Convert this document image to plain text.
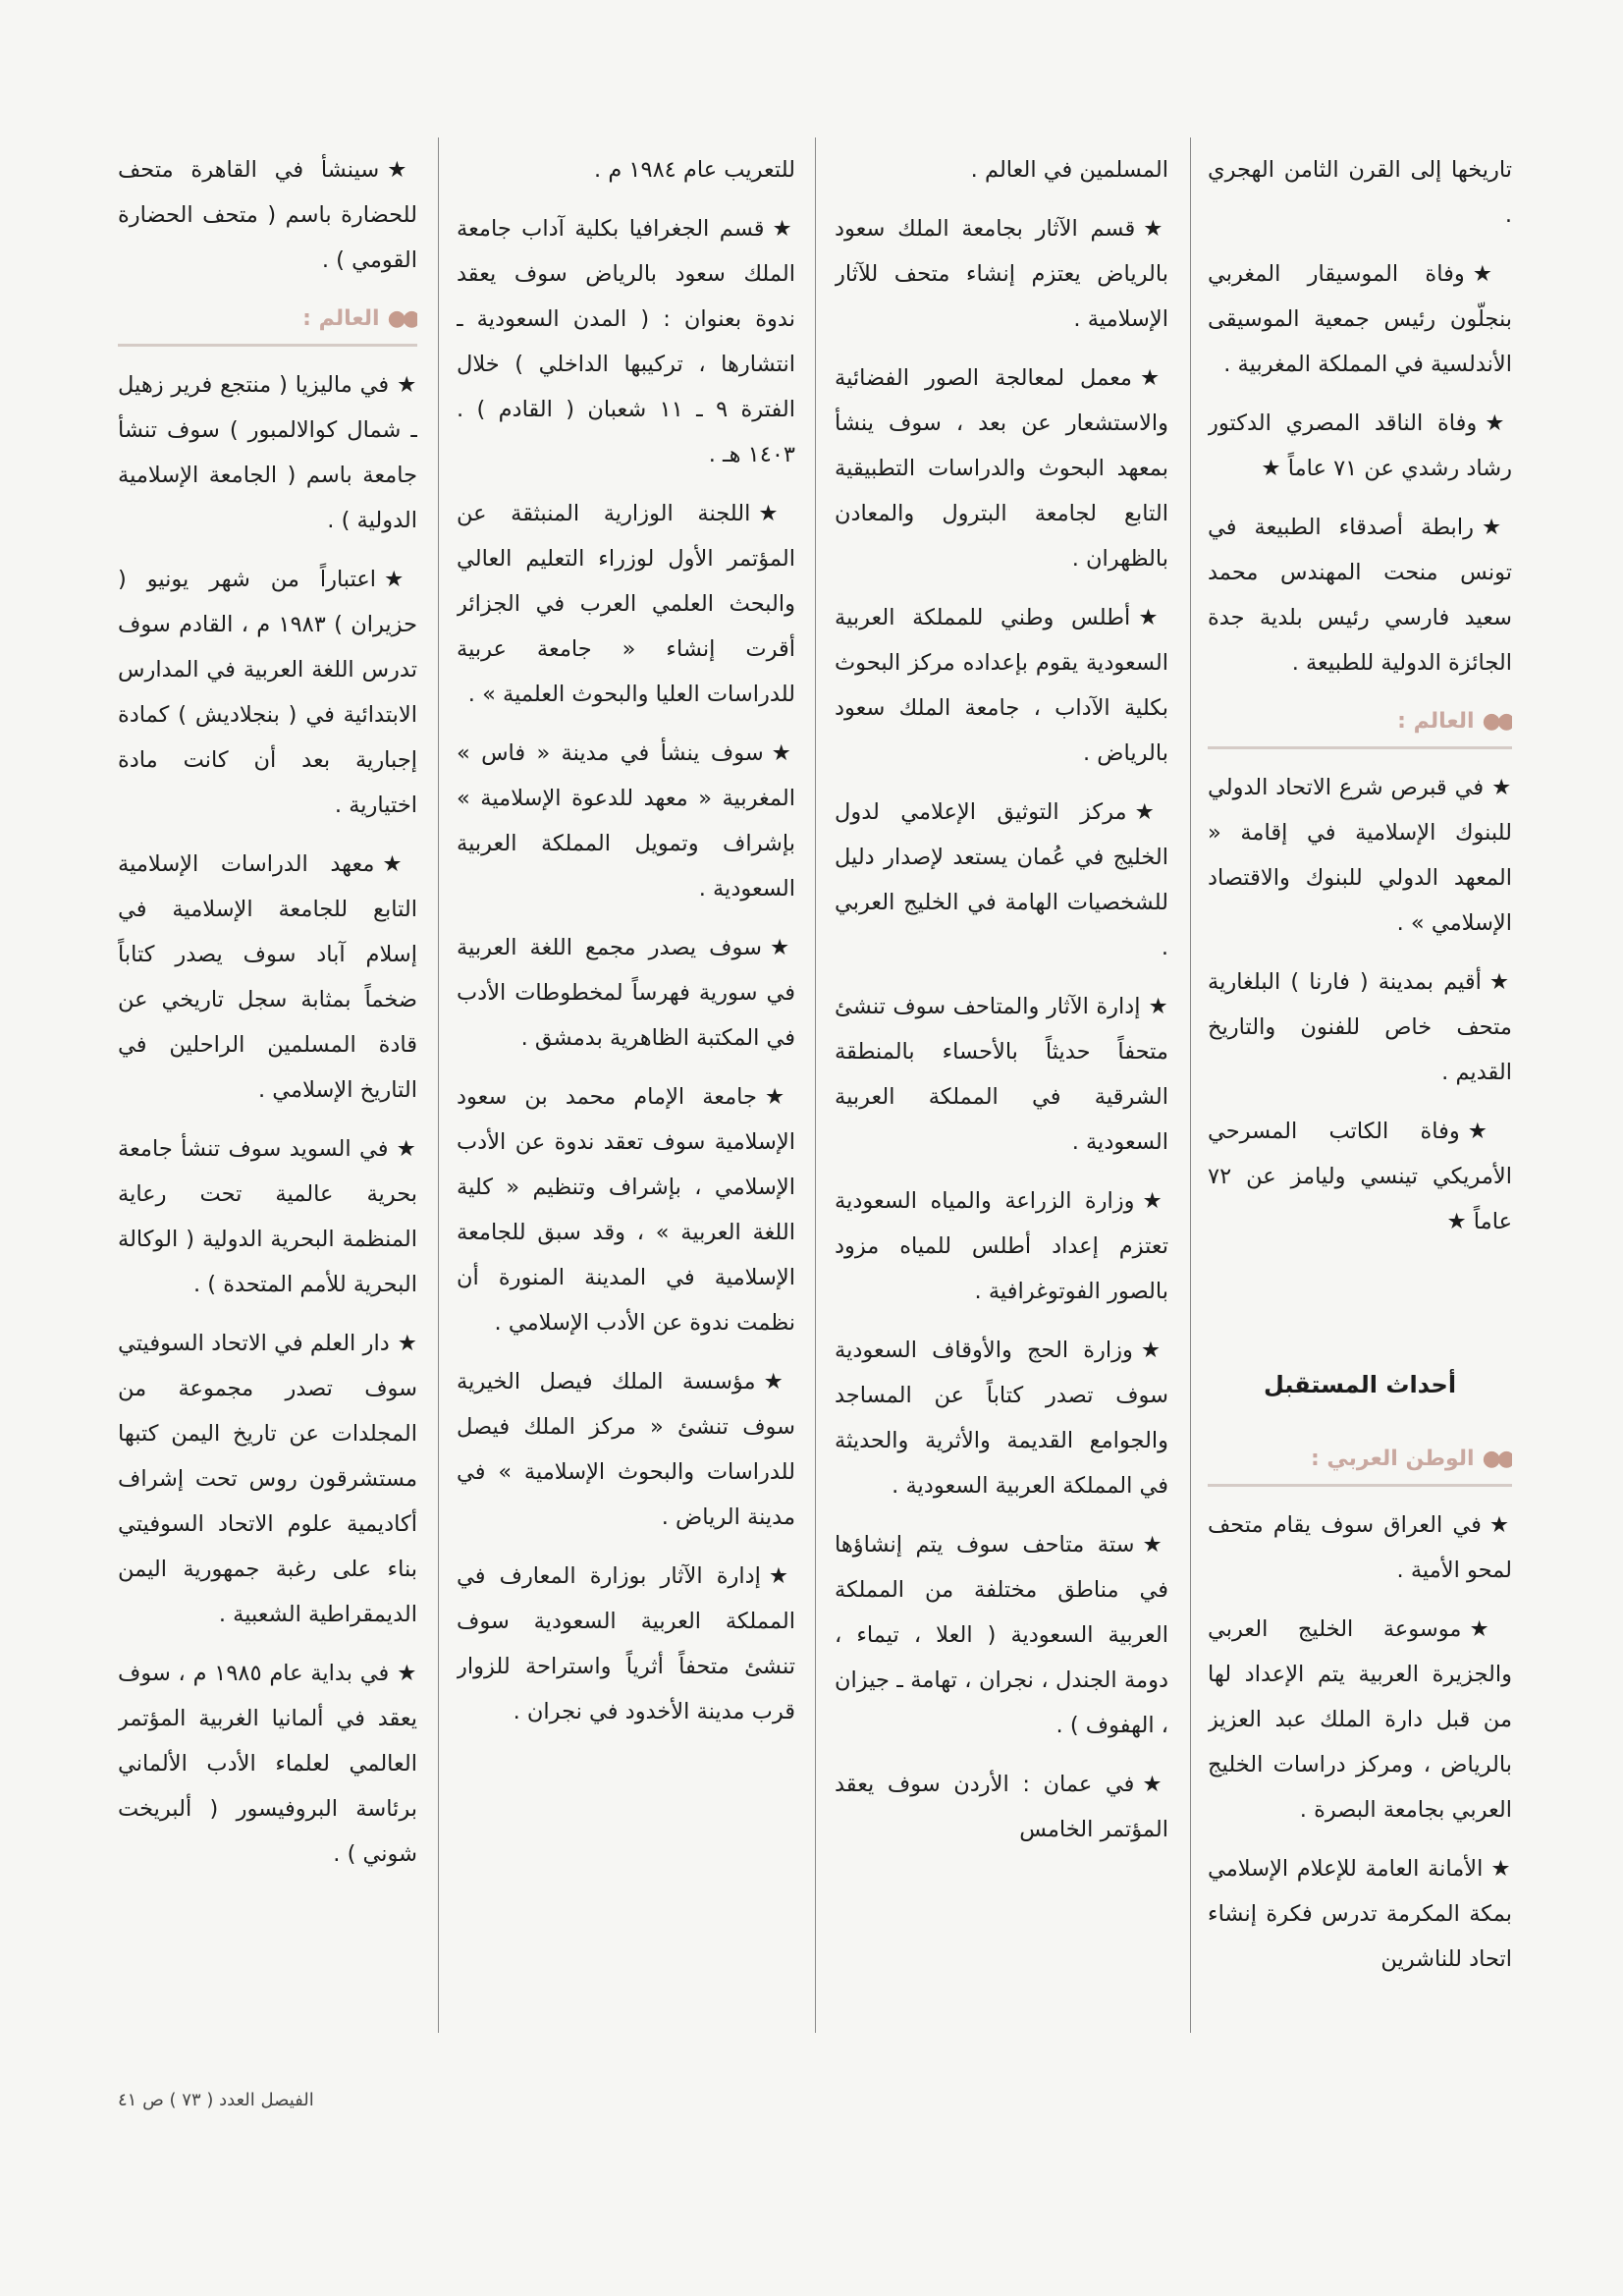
تاريخها إلى القرن الثامن الهجري .

★وفاة الموسيقار المغربي بنجلّون رئيس جمعية الموسيقى الأندلسية في المملكة المغربية .

★وفاة الناقد المصري الدكتور رشاد رشدي عن ٧١ عاماً ★

★رابطة أصدقاء الطبيعة في تونس منحت المهندس محمد سعيد فارسي رئيس بلدية جدة الجائزة الدولية للطبيعة .

●●
العالم :

★في قبرص شرع الاتحاد الدولي للبنوك الإسلامية في إقامة « المعهد الدولي للبنوك والاقتصاد الإسلامي » .

★أقيم بمدينة ( فارنا ) البلغارية متحف خاص للفنون والتاريخ القديم .

★وفاة الكاتب المسرحي الأمريكي تينسي وليامز عن ٧٢ عاماً ★

أحداث المستقبل
●●
الوطن العربي :

★في العراق سوف يقام متحف لمحو الأمية .

★موسوعة الخليج العربي والجزيرة العربية يتم الإعداد لها من قبل دارة الملك عبد العزيز بالرياض ، ومركز دراسات الخليج العربي بجامعة البصرة .

★الأمانة العامة للإعلام الإسلامي بمكة المكرمة تدرس فكرة إنشاء اتحاد للناشرين

المسلمين في العالم .

★قسم الآثار بجامعة الملك سعود بالرياض يعتزم إنشاء متحف للآثار الإسلامية .

★معمل لمعالجة الصور الفضائية والاستشعار عن بعد ، سوف ينشأ بمعهد البحوث والدراسات التطبيقية التابع لجامعة البترول والمعادن بالظهران .

★أطلس وطني للمملكة العربية السعودية يقوم بإعداده مركز البحوث بكلية الآداب ، جامعة الملك سعود بالرياض .

★مركز التوثيق الإعلامي لدول الخليج في عُمان يستعد لإصدار دليل للشخصيات الهامة في الخليج العربي .

★إدارة الآثار والمتاحف سوف تنشئ متحفاً حديثاً بالأحساء بالمنطقة الشرقية في المملكة العربية السعودية .

★وزارة الزراعة والمياه السعودية تعتزم إعداد أطلس للمياه مزود بالصور الفوتوغرافية .

★وزارة الحج والأوقاف السعودية سوف تصدر كتاباً عن المساجد والجوامع القديمة والأثرية والحديثة في المملكة العربية السعودية .

★ستة متاحف سوف يتم إنشاؤها في مناطق مختلفة من المملكة العربية السعودية ( العلا ، تيماء ، دومة الجندل ، نجران ، تهامة ـ جيزان ، الهفوف ) .

★في عمان : الأردن سوف يعقد المؤتمر الخامس

للتعريب عام ١٩٨٤ م .

★قسم الجغرافيا بكلية آداب جامعة الملك سعود بالرياض سوف يعقد ندوة بعنوان : ( المدن السعودية ـ انتشارها ، تركيبها الداخلي ) خلال الفترة ٩ ـ ١١ شعبان ( القادم ) . ١٤٠٣ هـ .

★اللجنة الوزارية المنبثقة عن المؤتمر الأول لوزراء التعليم العالي والبحث العلمي العرب في الجزائر أقرت إنشاء « جامعة عربية للدراسات العليا والبحوث العلمية » .

★سوف ينشأ في مدينة « فاس » المغربية « معهد للدعوة الإسلامية » بإشراف وتمويل المملكة العربية السعودية .

★سوف يصدر مجمع اللغة العربية في سورية فهرساً لمخطوطات الأدب في المكتبة الظاهرية بدمشق .

★جامعة الإمام محمد بن سعود الإسلامية سوف تعقد ندوة عن الأدب الإسلامي ، بإشراف وتنظيم « كلية اللغة العربية » ، وقد سبق للجامعة الإسلامية في المدينة المنورة أن نظمت ندوة عن الأدب الإسلامي .

★مؤسسة الملك فيصل الخيرية سوف تنشئ « مركز الملك فيصل للدراسات والبحوث الإسلامية » في مدينة الرياض .

★إدارة الآثار بوزارة المعارف في المملكة العربية السعودية سوف تنشئ متحفاً أثرياً واستراحة للزوار قرب مدينة الأخدود في نجران .

★سينشأ في القاهرة متحف للحضارة باسم ( متحف الحضارة القومي ) .

●●
العالم :

★في ماليزيا ( منتجع فرير زهيل ـ شمال كوالالمبور ) سوف تنشأ جامعة باسم ( الجامعة الإسلامية الدولية ) .

★اعتباراً من شهر يونيو ( حزيران ) ١٩٨٣ م ، القادم سوف تدرس اللغة العربية في المدارس الابتدائية في ( بنجلاديش ) كمادة إجبارية بعد أن كانت مادة اختيارية .

★معهد الدراسات الإسلامية التابع للجامعة الإسلامية في إسلام آباد سوف يصدر كتاباً ضخماً بمثابة سجل تاريخي عن قادة المسلمين الراحلين في التاريخ الإسلامي .

★في السويد سوف تنشأ جامعة بحرية عالمية تحت رعاية المنظمة البحرية الدولية ( الوكالة البحرية للأمم المتحدة ) .

★دار العلم في الاتحاد السوفيتي سوف تصدر مجموعة من المجلدات عن تاريخ اليمن كتبها مستشرقون روس تحت إشراف أكاديمية علوم الاتحاد السوفيتي بناء على رغبة جمهورية اليمن الديمقراطية الشعبية .

★في بداية عام ١٩٨٥ م ، سوف يعقد في ألمانيا الغربية المؤتمر العالمي لعلماء الأدب الألماني برئاسة البروفيسور ( ألبريخت شوني ) .

الفيصل العدد ( ٧٣ ) ص ٤١
